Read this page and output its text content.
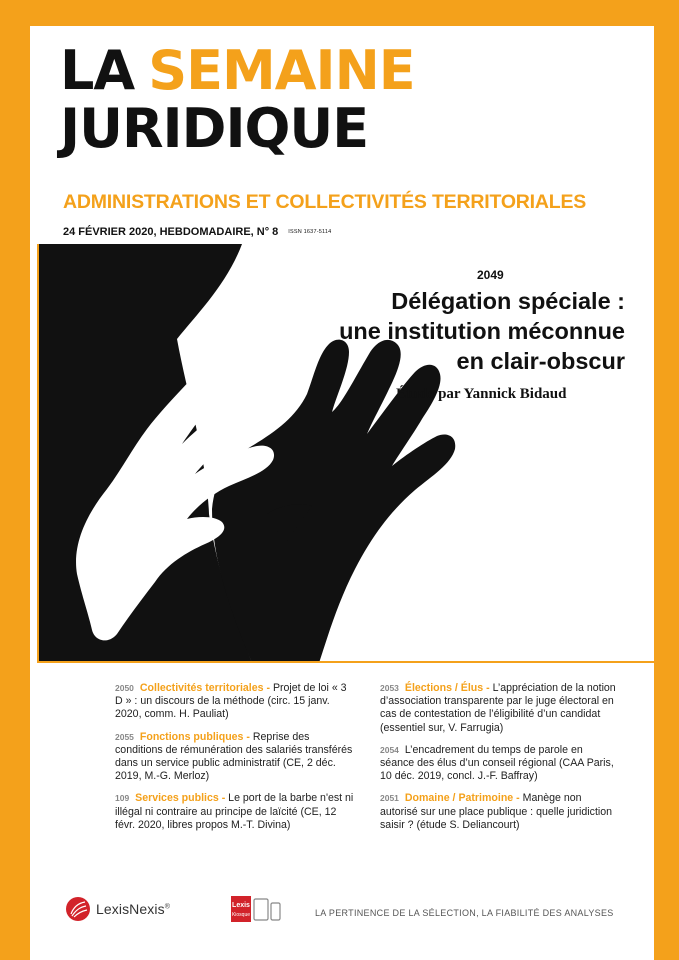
LA SEMAINE
JURIDIQUE
ADMINISTRATIONS ET COLLECTIVITÉS TERRITORIALES
24 FÉVRIER 2020, HEBDOMADAIRE, N° 8 ISSN 1637-5114
2049
Délégation spéciale :
une institution méconnue
en clair-obscur
Étude par Yannick Bidaud
2050 Collectivités territoriales - Projet de loi « 3 D » : un discours de la méthode (circ. 15 janv. 2020, comm. H. Pauliat)
2055 Fonctions publiques - Reprise des conditions de rémunération des salariés transférés dans un service public administratif (CE, 2 déc. 2019, M.-G. Merloz)
109 Services publics - Le port de la barbe n'est ni illégal ni contraire au principe de laïcité (CE, 12 févr. 2020, libres propos M.-T. Divina)
2053 Élections / Élus - L’appréciation de la notion d’association transparente par le juge électoral en cas de contestation de l’éligibilité d’un candidat (essentiel sur, V. Farrugia)
2054 L’encadrement du temps de parole en séance des élus d’un conseil régional (CAA Paris, 10 déc. 2019, concl. J.-F. Baffray)
2051 Domaine / Patrimoine - Manège non autorisé sur une place publique : quelle juridiction saisir ? (étude S. Deliancourt)
LexisNexis®	Lexis
Kiosque	LA PERTINENCE DE LA SÉLECTION, LA FIABILITÉ DES ANALYSES
